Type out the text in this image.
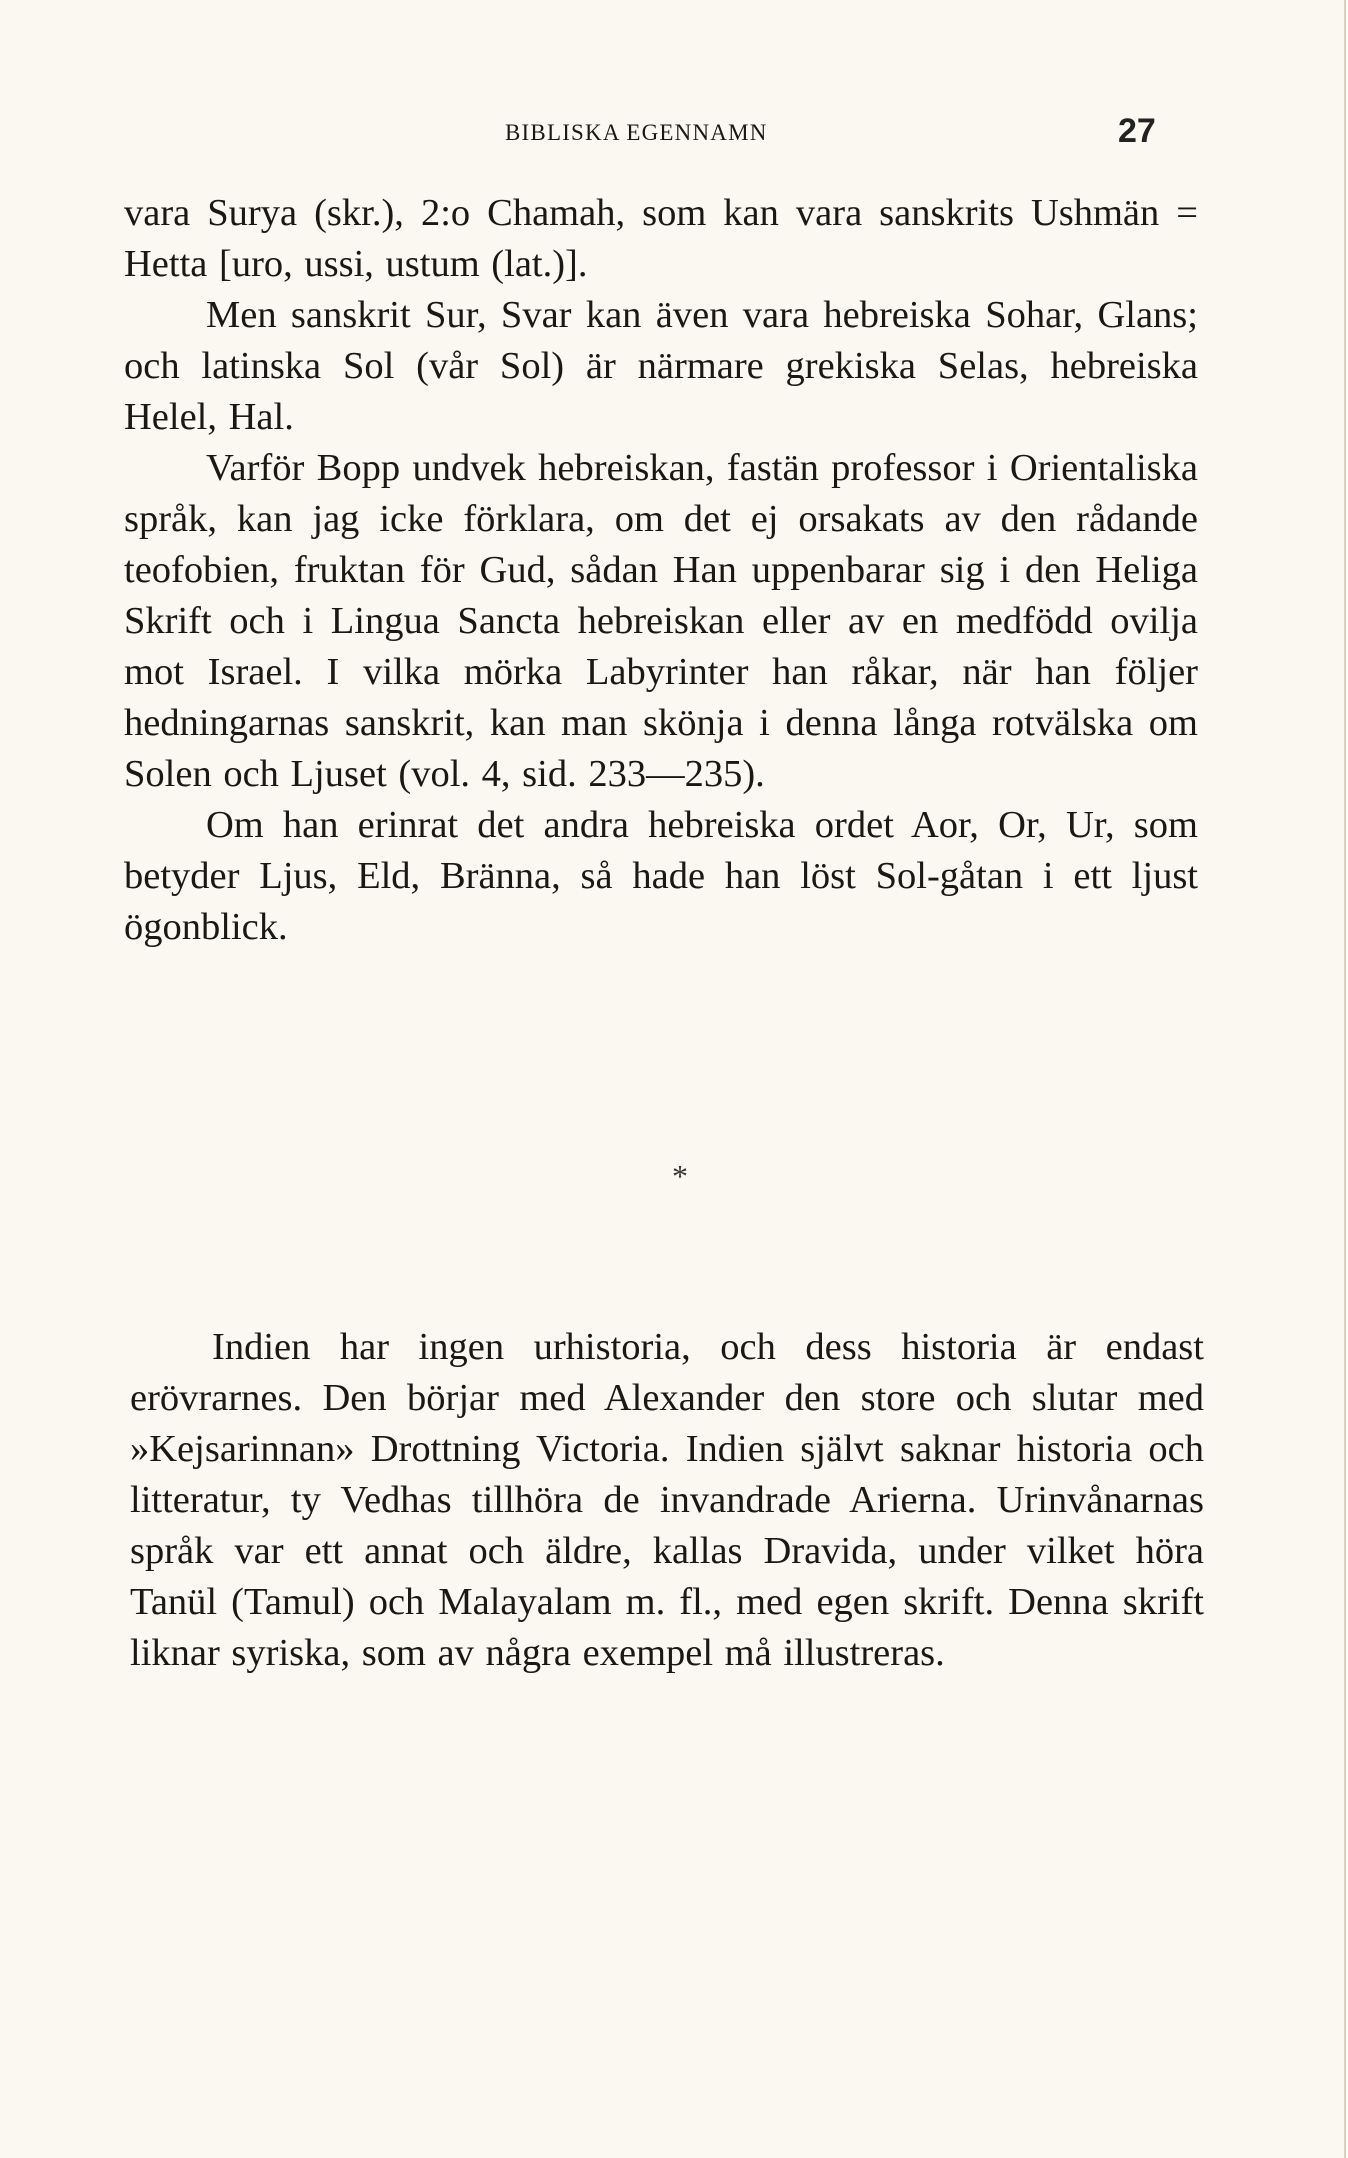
BIBLISKA EGENNAMN	27

vara Surya (skr.), 2:o Chamah, som kan vara sanskrits Ushmän = Hetta [uro, ussi, ustum (lat.)].

Men sanskrit Sur, Svar kan även vara hebreiska Sohar, Glans; och latinska Sol (vår Sol) är närmare grekiska Selas, hebreiska Helel, Hal.

Varför Bopp undvek hebreiskan, fastän professor i Orientaliska språk, kan jag icke förklara, om det ej orsakats av den rådande teofobien, fruktan för Gud, sådan Han uppenbarar sig i den Heliga Skrift och i Lingua Sancta hebreiskan eller av en medfödd ovilja mot Israel. I vilka mörka Labyrinter han råkar, när han följer hedningarnas sanskrit, kan man skönja i denna långa rotvälska om Solen och Ljuset (vol. 4, sid. 233—235).

Om han erinrat det andra hebreiska ordet Aor, Or, Ur, som betyder Ljus, Eld, Bränna, så hade han löst Sol-gåtan i ett ljust ögonblick.

*

Indien har ingen urhistoria, och dess historia är endast erövrarnes. Den börjar med Alexander den store och slutar med »Kejsarinnan» Drottning Victoria. Indien självt saknar historia och litteratur, ty Vedhas tillhöra de invandrade Arierna. Urinvånarnas språk var ett annat och äldre, kallas Dravida, under vilket höra Tanül (Tamul) och Malayalam m. fl., med egen skrift. Denna skrift liknar syriska, som av några exempel må illustreras.
